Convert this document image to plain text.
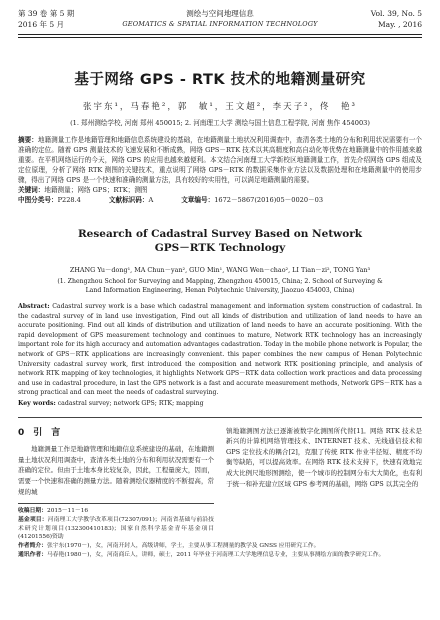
第 39 卷 第 5 期
2016 年 5 月
测绘与空间地理信息
GEOMATICS & SPATIAL INFORMATION TECHNOLOGY
Vol. 39, No. 5
May. , 2016
基于网络 GPS - RTK 技术的地籍测量研究
张宇东¹，马春艳²，郭　敏¹，王文超²，李天子²，佟　艳³
(1. 郑州测绘学校, 河南 郑州 450015; 2. 河南理工大学 测绘与国土信息工程学院, 河南 焦作 454003)
摘要：地籍测量工作是地籍管理和地籍信息系统建设的基础，在地籍测量土地状况利用调查中，查清各类土地的分布和利用状况需要有一个准确的定位。随着 GPS 测量技术的飞速发展和不断成熟，网络 GPS－RTK 技术以其高精度和高自动化等优势在地籍测量中的作用越来越重要。在平机网络运行的今天，网络 GPS 的应用也越来越便利。本文结合河南理工大学新校区地籍测量工作，首先介绍网络 GPS 组成及定位原理，分析了网络 RTK 测图的关键技术，重点说明了网络 GPS－RTK 的数据采集作业方法以及数据处理和在地籍测量中的使用步骤，得出了网络 GPS 是一个快速和准确的测量方法，具有较好的实用性，可以满足地籍测量的需要。
关键词：地籍测量；网络 GPS；RTK；测图
中图分类号：P228.4	文献标识码：A	文章编号：1672－5867(2016)05－0020－03
Research of Cadastral Survey Based on Network
GPS－RTK Technology
ZHANG Yu－dong¹, MA Chun－yan², GUO Min¹, WANG Wen－chao², LI Tian－zi², TONG Yan³
(1. Zhengzhou School for Surveying and Mapping, Zhengzhou 450015, China; 2. School of Surveying &
Land Information Engineering, Henan Polytechnic University, Jiaozuo 454003, China)
Abstract: Cadastral survey work is a base which cadastral management and information system construction of cadastral. In the cadastral survey of in land use investigation, Find out all kinds of distribution and utilization of land needs to have an accurate positioning. Find out all kinds of distribution and utilization of land needs to have an accurate positioning. With the rapid development of GPS measurement technology and continues to mature, Network RTK technology has an increasingly important role for its high accuracy and automation advantages cadastration. Today in the mobile phone network is Popular, the network of GPS－RTK applications are increasingly convenient. this paper combines the new campus of Henan Polytechnic University cadastral survey work, first introduced the composition and network RTK positioning principle, and analysis of network RTK mapping of key technologies, it highlights Network GPS－RTK data collection work practices and data processing and use in cadastral procedure, in last the GPS network is a fast and accurate measurement methods, Network GPS－RTK has a strong practical and can meet the needs of cadastral surveying.
Key words: cadastral survey; network GPS; RTK; mapping
0　引　言
地籍测量工作是地籍管理和地籍信息系统建设的基础，在地籍测量土地状况利用调查中，查清各类土地的分布和利用状况需要有一个准确的定位。但由于土地本身比较复杂，因此，工程量庞大，因而，需要一个快速和准确的测量方法。随着测绘仪器精度的不断提高，常规的城
收稿日期：2015－11－16
基金项目：河南理工大学教学改革项目(72307/091)；河南省基础与前沿技术研究计划项目(132300410183)；国家自然科学基金青年基金项目(41201556)资助
镇地籍测图方法已逐渐被数字化测图所代替[1]。网络 RTK 技术是新兴的计算机网络管理技术、INTERNET 技术、无线通信技术和 GPS 定位技术的耦合[2]，克服了传统 RTK 作业半径短、精度不均衡等缺陷，可以提高效率。在网络 RTK 技术支持下，快速有效地完成大比例尺地形图测绘，使一个城市的控制网分布大大简化，也有利于统一和补充建立区域 GPS 参考网的基础，网络 GPS 以其完全的
作者简介：张宇东(1970－)，女，河南开封人，高级讲师，学士，主要从事工程测量的教学及 GNSS 应用研究工作。
通讯作者：马春艳(1980－)，女，河南商丘人，讲师，硕士，2011 年毕业于河南理工大学地理信息专业，主要从事测绘方面的教学研究工作。
